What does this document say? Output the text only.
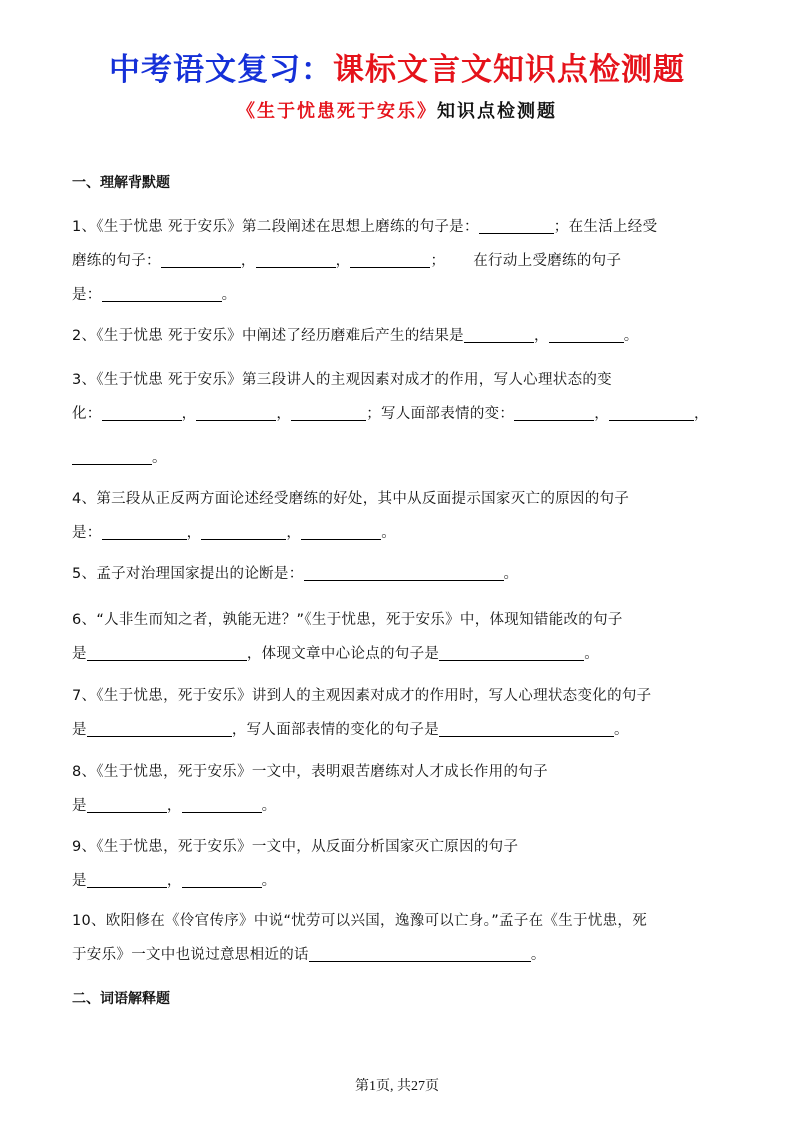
中考语文复习：课标文言文知识点检测题
《生于忧患死于安乐》知识点检测题
一、理解背默题
1、《生于忧患 死于安乐》第二段阐述在思想上磨练的句子是：	；在生活上经受
磨练的句子：	，	，	； 在行动上受磨练的句子
是：	。
2、《生于忧患 死于安乐》中阐述了经历磨难后产生的结果是	，	。
3、《生于忧患 死于安乐》第三段讲人的主观因素对成才的作用，写人心理状态的变
化：	，	，	；写人面部表情的变：	，	，
。
4、第三段从正反两方面论述经受磨练的好处，其中从反面提示国家灭亡的原因的句子
是：	，	，	。
5、孟子对治理国家提出的论断是：	。
6、“人非生而知之者，孰能无进？”《生于忧患，死于安乐》中，体现知错能改的句子
是	，体现文章中心论点的句子是	。
7、《生于忧患，死于安乐》讲到人的主观因素对成才的作用时，写人心理状态变化的句子
是	，写人面部表情的变化的句子是	。
8、《生于忧患，死于安乐》一文中，表明艰苦磨练对人才成长作用的句子
是	，	。
9、《生于忧患，死于安乐》一文中，从反面分析国家灭亡原因的句子
是	，	。
10、欧阳修在《伶官传序》中说“忧劳可以兴国，逸豫可以亡身。”孟子在《生于忧患，死
于安乐》一文中也说过意思相近的话	。
二、词语解释题
第1页, 共27页
